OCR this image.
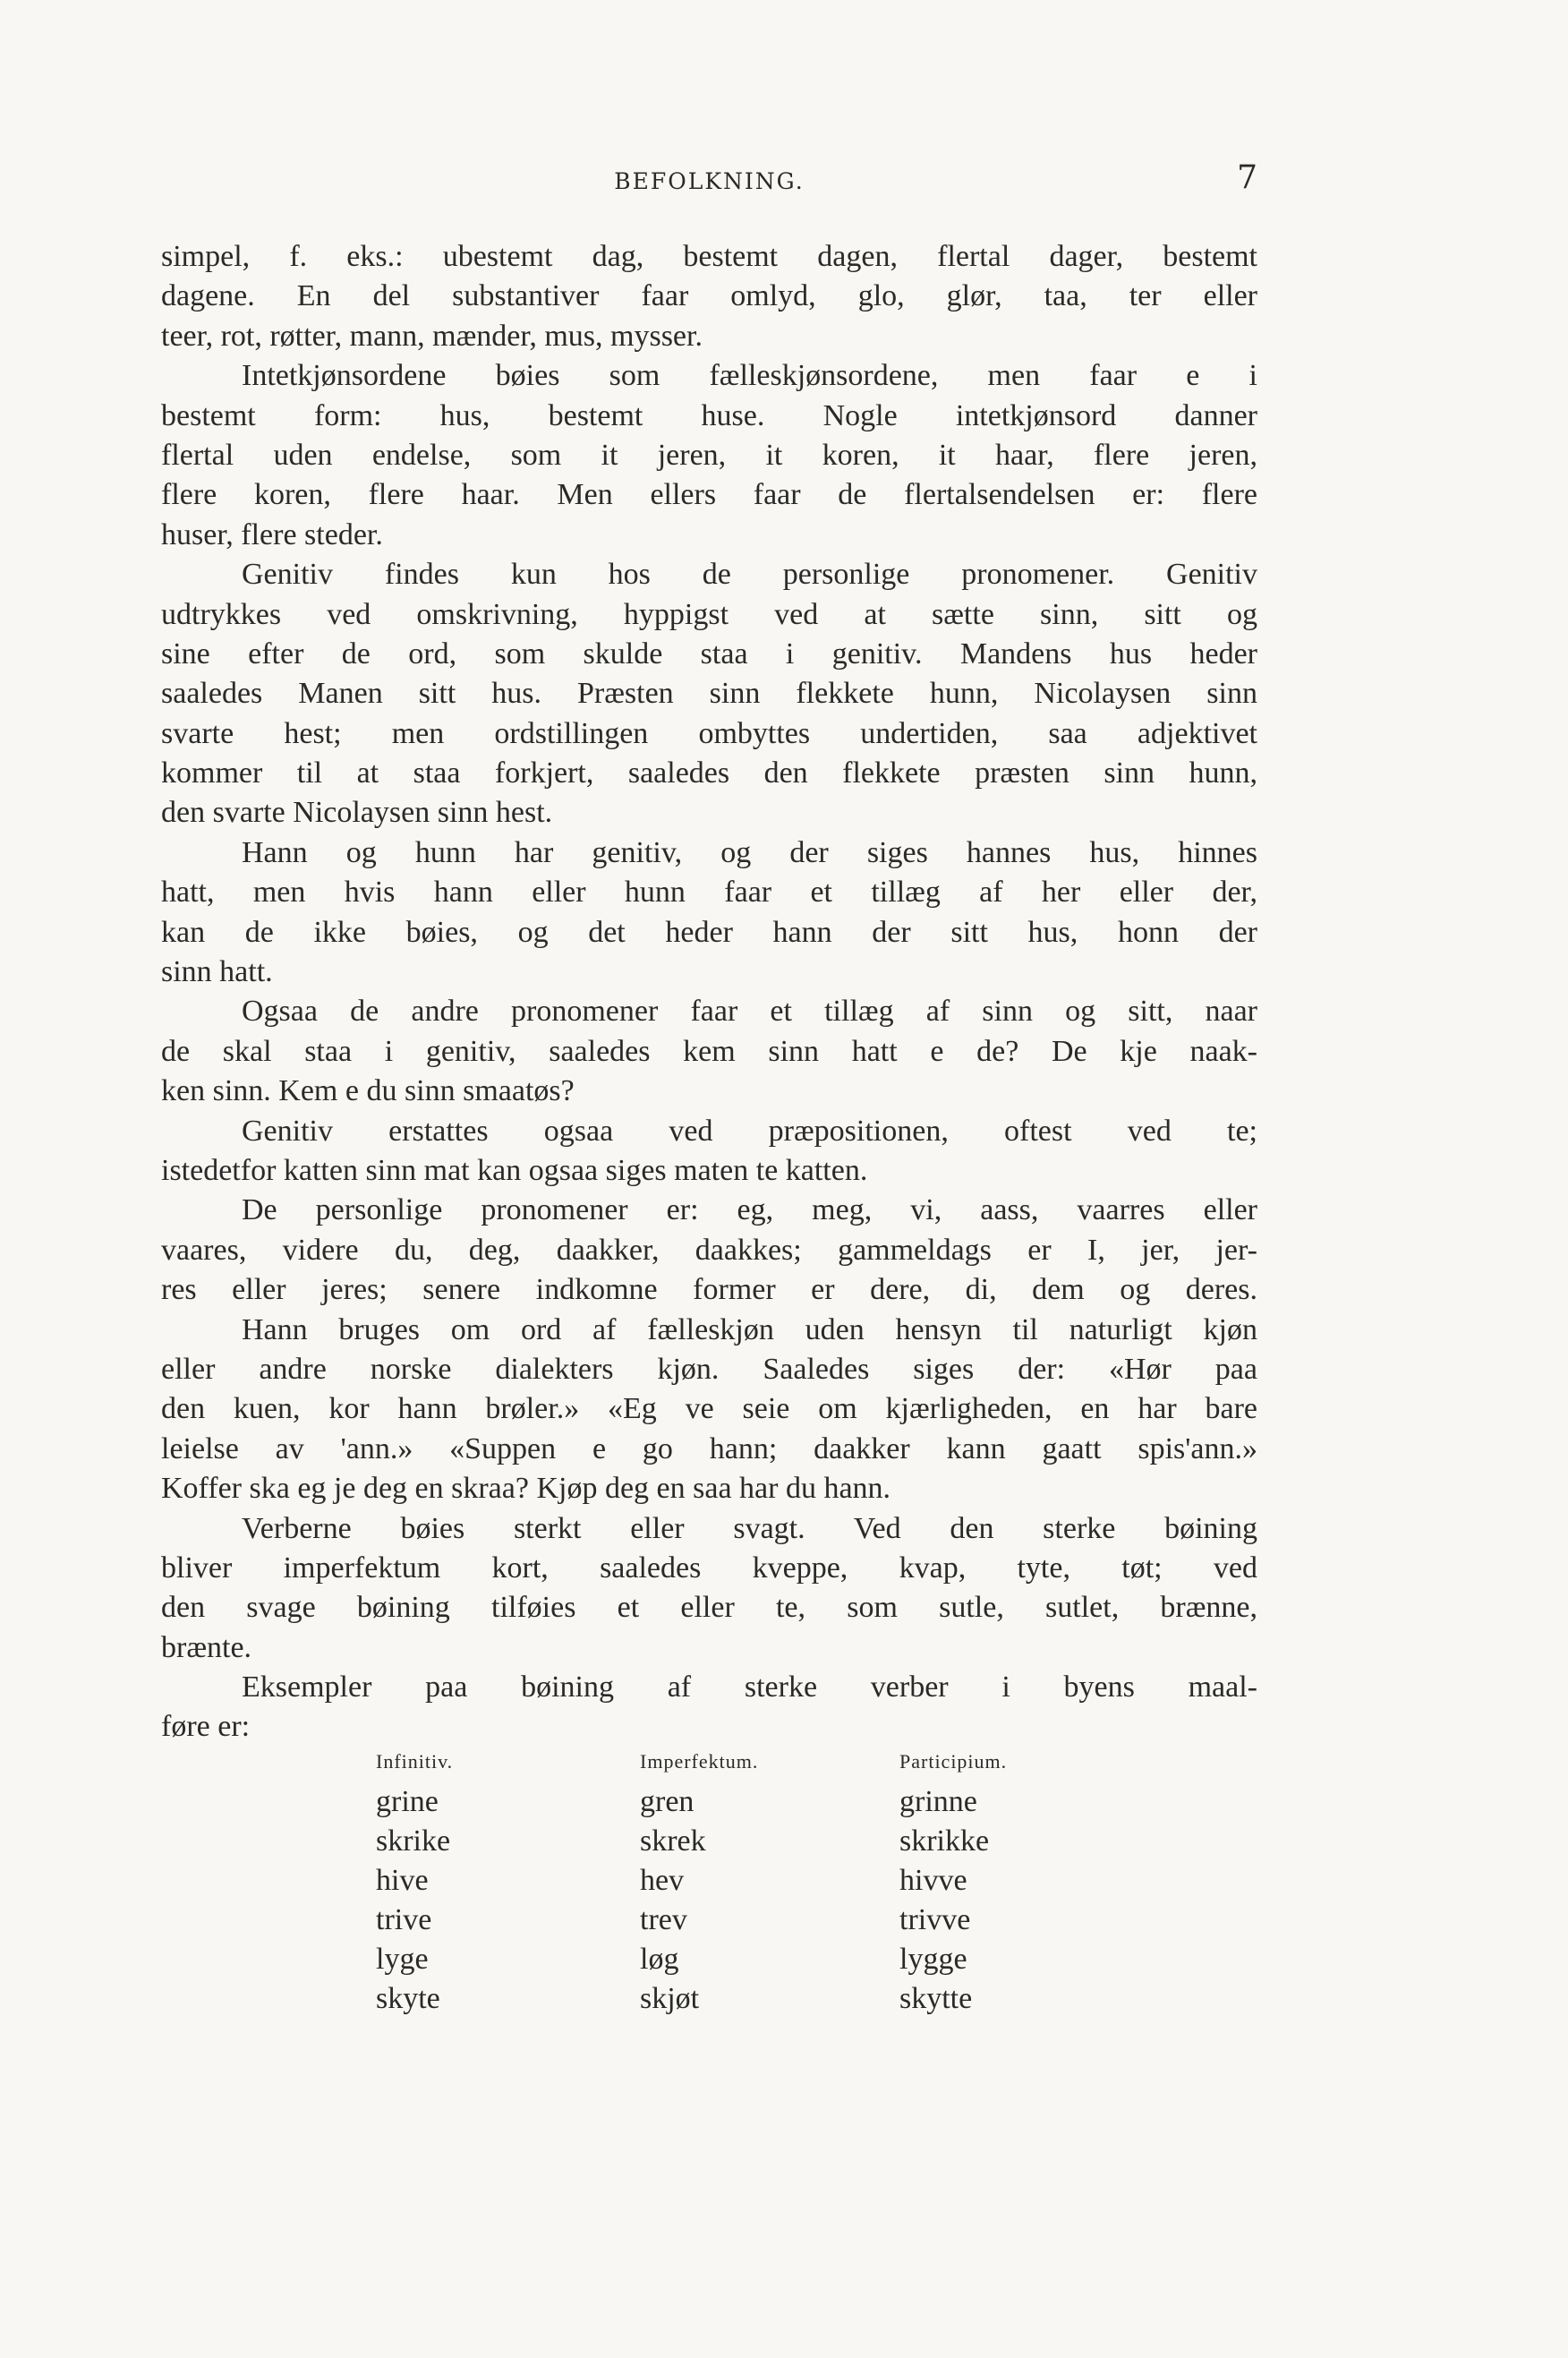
BEFOLKNING.	7
simpel, f. eks.: ubestemt dag, bestemt dagen, flertal dager, bestemt
dagene. En del substantiver faar omlyd, glo, glør, taa, ter eller
teer, rot, røtter, mann, mænder, mus, mysser.
Intetkjønsordene bøies som fælleskjønsordene, men faar e i
bestemt form: hus, bestemt huse. Nogle intetkjønsord danner
flertal uden endelse, som it jeren, it koren, it haar, flere jeren,
flere koren, flere haar. Men ellers faar de flertalsendelsen er: flere
huser, flere steder.
Genitiv findes kun hos de personlige pronomener. Genitiv
udtrykkes ved omskrivning, hyppigst ved at sætte sinn, sitt og
sine efter de ord, som skulde staa i genitiv. Mandens hus heder
saaledes Manen sitt hus. Præsten sinn flekkete hunn, Nicolaysen sinn
svarte hest; men ordstillingen ombyttes undertiden, saa adjektivet
kommer til at staa forkjert, saaledes den flekkete præsten sinn hunn,
den svarte Nicolaysen sinn hest.
Hann og hunn har genitiv, og der siges hannes hus, hinnes
hatt, men hvis hann eller hunn faar et tillæg af her eller der,
kan de ikke bøies, og det heder hann der sitt hus, honn der
sinn hatt.
Ogsaa de andre pronomener faar et tillæg af sinn og sitt, naar
de skal staa i genitiv, saaledes kem sinn hatt e de? De kje naak-
ken sinn. Kem e du sinn smaatøs?
Genitiv erstattes ogsaa ved præpositionen, oftest ved te;
istedetfor katten sinn mat kan ogsaa siges maten te katten.
De personlige pronomener er: eg, meg, vi, aass, vaarres eller
vaares, videre du, deg, daakker, daakkes; gammeldags er I, jer, jer-
res eller jeres; senere indkomne former er dere, di, dem og deres.
Hann bruges om ord af fælleskjøn uden hensyn til naturligt kjøn
eller andre norske dialekters kjøn. Saaledes siges der: «Hør paa
den kuen, kor hann brøler.» «Eg ve seie om kjærligheden, en har bare
leielse av 'ann.» «Suppen e go hann; daakker kann gaatt spis'ann.»
Koffer ska eg je deg en skraa? Kjøp deg en saa har du hann.
Verberne bøies sterkt eller svagt. Ved den sterke bøining
bliver imperfektum kort, saaledes kveppe, kvap, tyte, tøt; ved
den svage bøining tilføies et eller te, som sutle, sutlet, brænne,
brænte.
Eksempler paa bøining af sterke verber i byens maal-
føre er:
Infinitiv.	Imperfektum.	Participium.
grine	gren	grinne
skrike	skrek	skrikke
hive	hev	hivve
trive	trev	trivve
lyge	løg	lygge
skyte	skjøt	skytte
